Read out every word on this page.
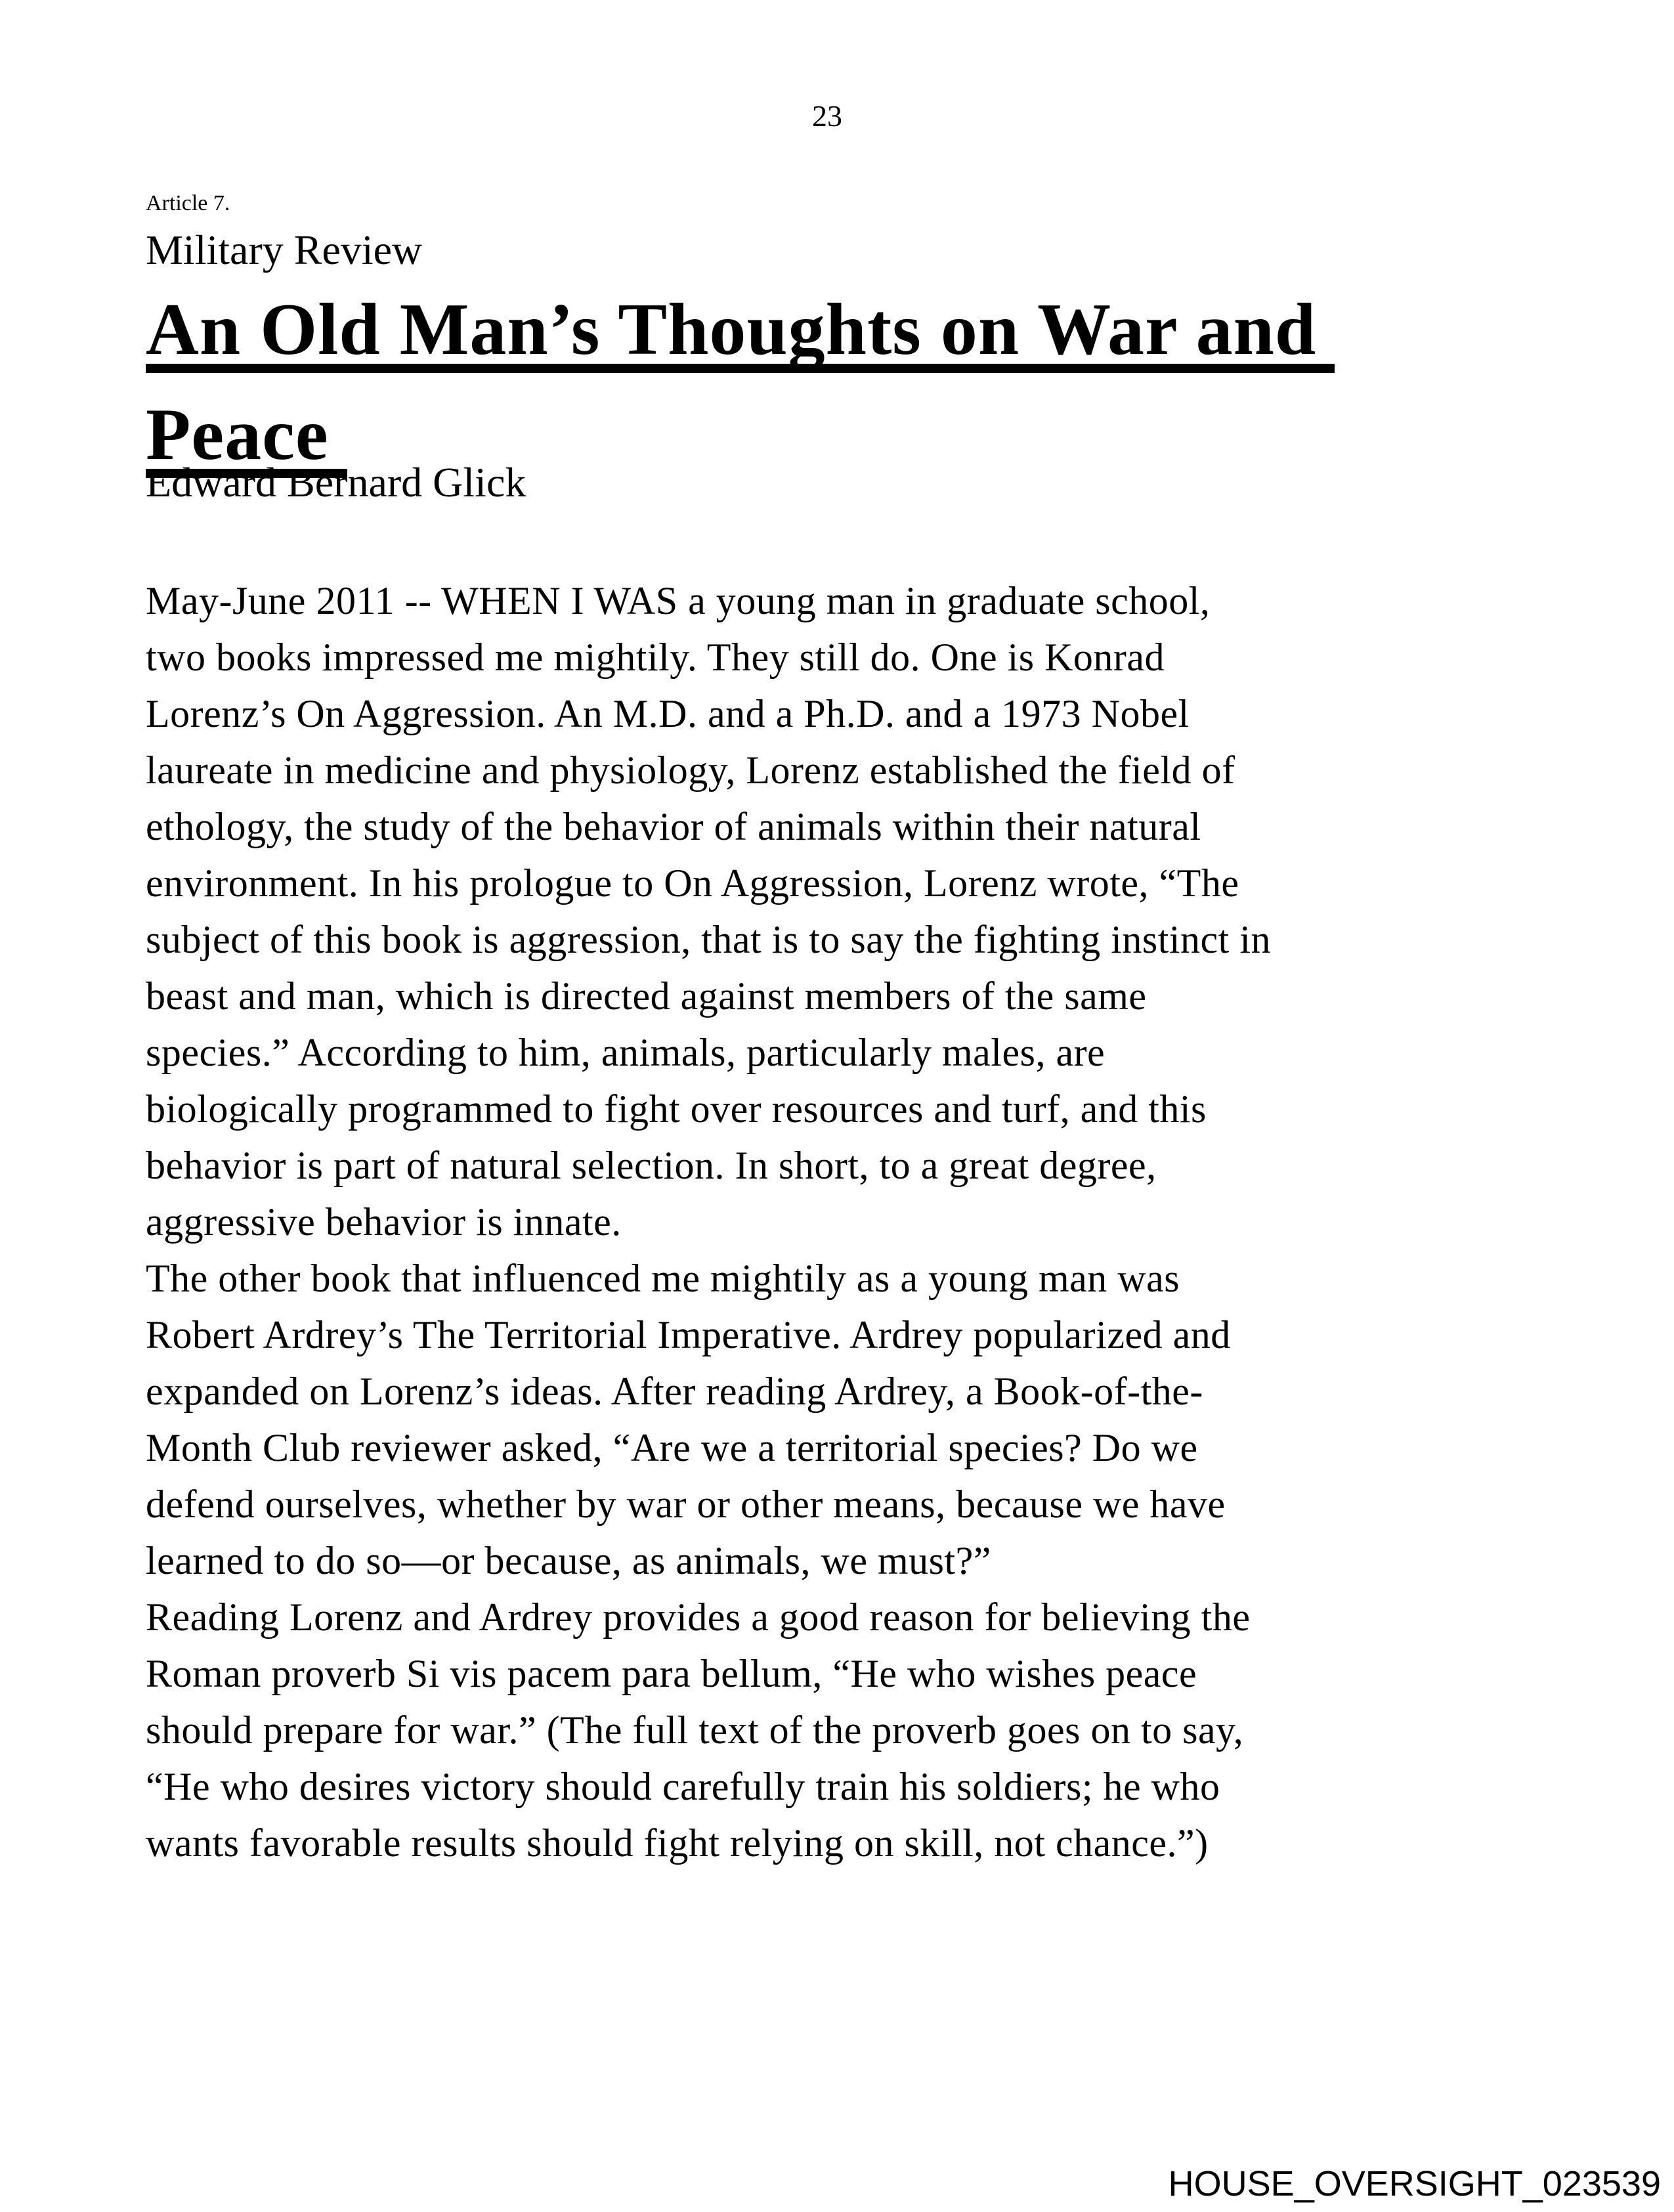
23
Article 7.
Military Review
An Old Man’s Thoughts on War and
Peace
Edward Bernard Glick
May-June 2011 -- WHEN I WAS a young man in graduate school,
two books impressed me mightily. They still do. One is Konrad
Lorenz’s On Aggression. An M.D. and a Ph.D. and a 1973 Nobel
laureate in medicine and physiology, Lorenz established the field of
ethology, the study of the behavior of animals within their natural
environment. In his prologue to On Aggression, Lorenz wrote, “The
subject of this book is aggression, that is to say the fighting instinct in
beast and man, which is directed against members of the same
species.” According to him, animals, particularly males, are
biologically programmed to fight over resources and turf, and this
behavior is part of natural selection. In short, to a great degree,
aggressive behavior is innate.
The other book that influenced me mightily as a young man was
Robert Ardrey’s The Territorial Imperative. Ardrey popularized and
expanded on Lorenz’s ideas. After reading Ardrey, a Book-of-the-
Month Club reviewer asked, “Are we a territorial species? Do we
defend ourselves, whether by war or other means, because we have
learned to do so—or because, as animals, we must?”
Reading Lorenz and Ardrey provides a good reason for believing the
Roman proverb Si vis pacem para bellum, “He who wishes peace
should prepare for war.” (The full text of the proverb goes on to say,
“He who desires victory should carefully train his soldiers; he who
wants favorable results should fight relying on skill, not chance.”)
HOUSE_OVERSIGHT_023539
